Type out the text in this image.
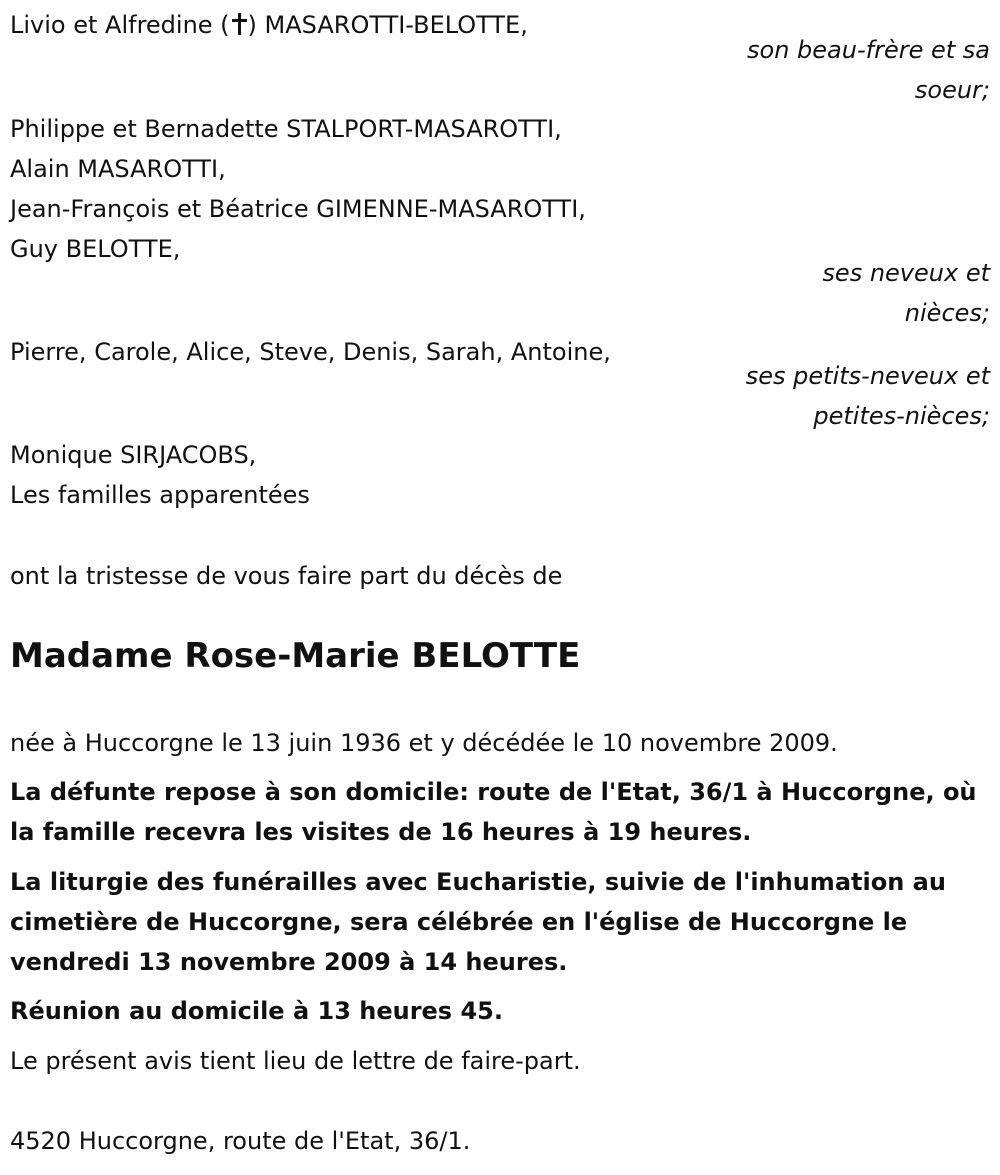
Livio et Alfredine ( ) MASAROTTI-BELOTTE,
son beau-frère et sa
soeur;
Philippe et Bernadette STALPORT-MASAROTTI,
Alain MASAROTTI,
Jean-François et Béatrice GIMENNE-MASAROTTI,
Guy BELOTTE,
ses neveux et
nièces;
Pierre, Carole, Alice, Steve, Denis, Sarah, Antoine,
ses petits-neveux et
petites-nièces;
Monique SIRJACOBS,
Les familles apparentées
ont la tristesse de vous faire part du décès de
Madame Rose-Marie BELOTTE
née à Huccorgne le 13 juin 1936 et y décédée le 10 novembre 2009.
La défunte repose à son domicile: route de l'Etat, 36/1 à Huccorgne, où
la famille recevra les visites de 16 heures à 19 heures.
La liturgie des funérailles avec Eucharistie, suivie de l'inhumation au
cimetière de Huccorgne, sera célébrée en l'église de Huccorgne le
vendredi 13 novembre 2009 à 14 heures.
Réunion au domicile à 13 heures 45.
Le présent avis tient lieu de lettre de faire-part.
4520 Huccorgne, route de l'Etat, 36/1.
